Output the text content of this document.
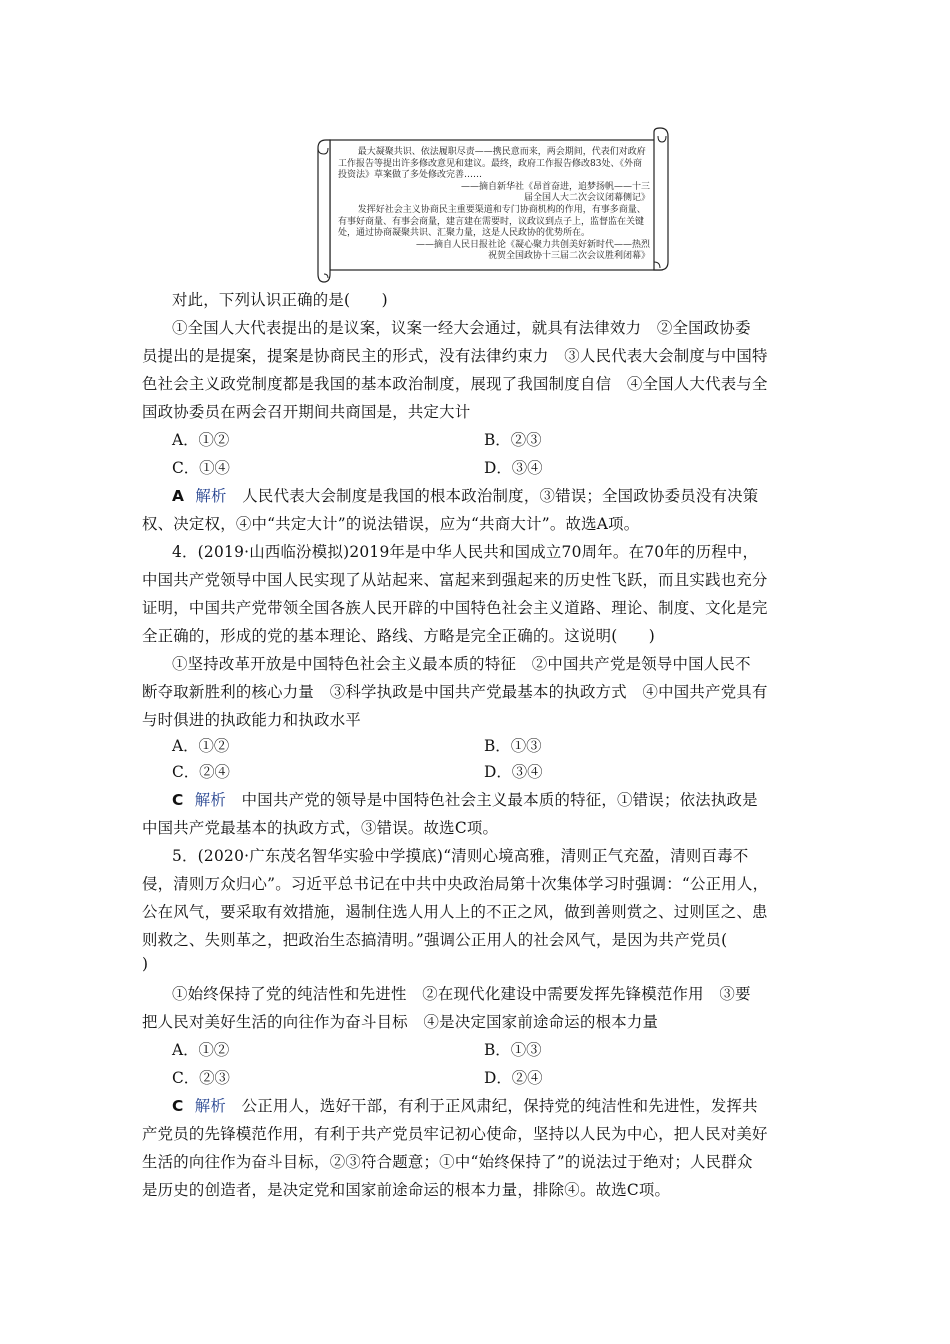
最大凝聚共识、依法履职尽责——携民意而来，两会期间，代表们对政府工作报告等提出许多修改意见和建议。最终，政府工作报告修改83处、《外商投资法》草案做了多处修改完善……

——摘自新华社《昂首奋进，追梦扬帆——十三

届全国人大二次会议闭幕侧记》

发挥好社会主义协商民主重要渠道和专门协商机构的作用，有事多商量、有事好商量、有事会商量，建言建在需要时，议政议到点子上，监督监在关键处，通过协商凝聚共识、汇聚力量，这是人民政协的优势所在。

——摘自人民日报社论《凝心聚力共创美好新时代——热烈

祝贺全国政协十三届二次会议胜利闭幕》

对此，下列认识正确的是(　　)
①全国人大代表提出的是议案，议案一经大会通过，就具有法律效力　②全国政协委
员提出的是提案，提案是协商民主的形式，没有法律约束力　③人民代表大会制度与中国特
色社会主义政党制度都是我国的基本政治制度，展现了我国制度自信　④全国人大代表与全
国政协委员在两会召开期间共商国是，共定大计
A．①②	B．②③
C．①④	D．③④
A 解析　 人民代表大会制度是我国的根本政治制度，③错误；全国政协委员没有决策
权、决定权，④中“共定大计”的说法错误，应为“共商大计”。故选A项。
4．(2019·山西临汾模拟)2019年是中华人民共和国成立70周年。在70年的历程中，
中国共产党领导中国人民实现了从站起来、富起来到强起来的历史性飞跃，而且实践也充分
证明，中国共产党带领全国各族人民开辟的中国特色社会主义道路、理论、制度、文化是完
全正确的，形成的党的基本理论、路线、方略是完全正确的。这说明(　　)
①坚持改革开放是中国特色社会主义最本质的特征　②中国共产党是领导中国人民不
断夺取新胜利的核心力量　③科学执政是中国共产党最基本的执政方式　④中国共产党具有
与时俱进的执政能力和执政水平
A．①②	B．①③
C．②④	D．③④
C 解析　 中国共产党的领导是中国特色社会主义最本质的特征，①错误；依法执政是
中国共产党最基本的执政方式，③错误。故选C项。
5．(2020·广东茂名智华实验中学摸底)“清则心境高雅，清则正气充盈，清则百毒不
侵，清则万众归心”。习近平总书记在中共中央政治局第十次集体学习时强调：“公正用人，
公在风气，要采取有效措施，遏制住选人用人上的不正之风，做到善则赏之、过则匡之、患
则救之、失则革之，把政治生态搞清明。”强调公正用人的社会风气，是因为共产党员(
)
①始终保持了党的纯洁性和先进性　②在现代化建设中需要发挥先锋模范作用　③要
把人民对美好生活的向往作为奋斗目标　④是决定国家前途命运的根本力量
A．①②	B．①③
C．②③	D．②④
C 解析　 公正用人，选好干部，有利于正风肃纪，保持党的纯洁性和先进性，发挥共
产党员的先锋模范作用，有利于共产党员牢记初心使命，坚持以人民为中心，把人民对美好
生活的向往作为奋斗目标，②③符合题意；①中“始终保持了”的说法过于绝对；人民群众
是历史的创造者，是决定党和国家前途命运的根本力量，排除④。故选C项。
